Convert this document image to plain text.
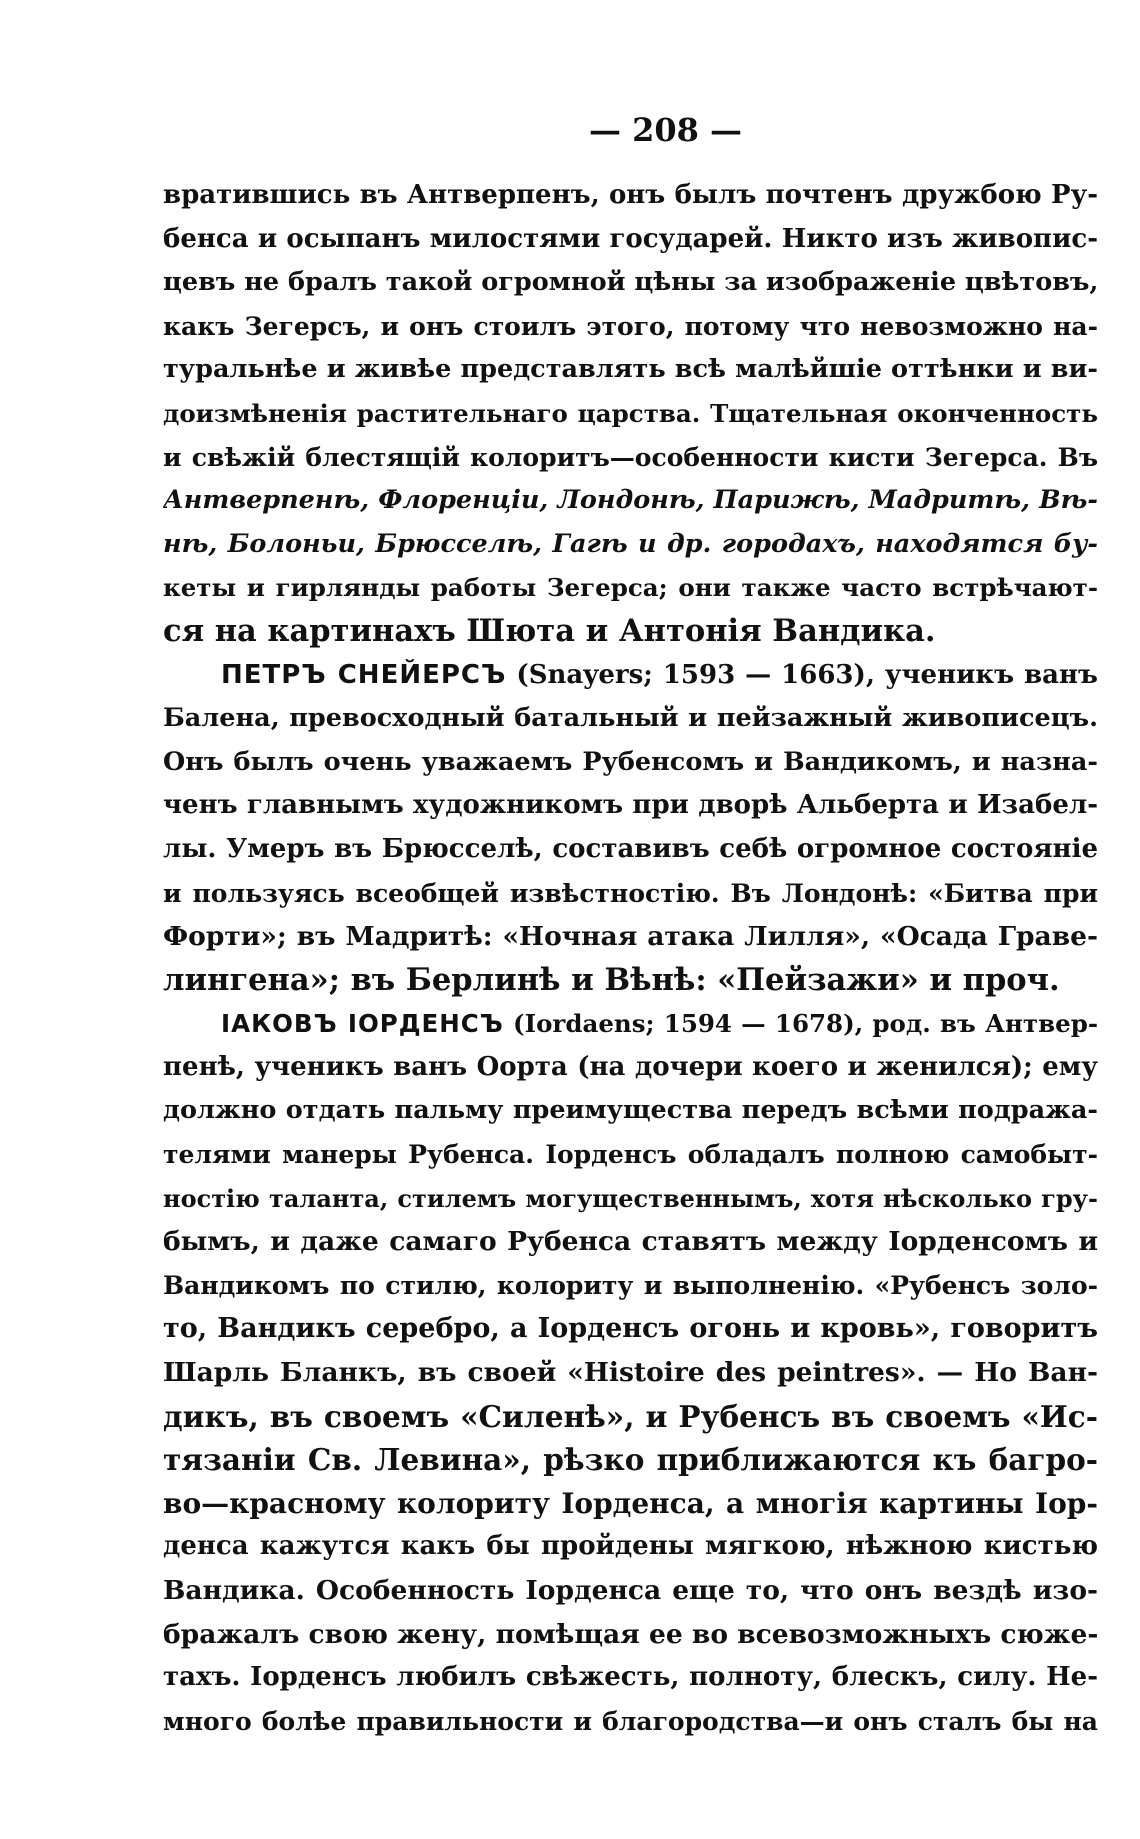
— 208 —
вратившись въ Антверпенъ, онъ былъ почтенъ дружбою Ру-
бенса и осыпанъ милостями государей. Никто изъ живопис-
цевъ не бралъ такой огромной цѣны за изображеніе цвѣтовъ,
какъ Зегерсъ, и онъ стоилъ этого, потому что невозможно на-
туральнѣе и живѣе представлять всѣ малѣйшіе оттѣнки и ви-
доизмѣненія растительнаго царства. Тщательная оконченность
и свѣжій блестящій колоритъ—особенности кисти Зегерса. Въ
Антверпенѣ, Флоренціи, Лондонѣ, Парижѣ, Мадритѣ, Вѣ-
нѣ, Болоньи, Брюсселѣ, Гагѣ и др. городахъ, находятся бу-
кеты и гирлянды работы Зегерса; они также часто встрѣчают-
ся на картинахъ Шюта и Антонія Вандика.
ПЕТРЪ СНЕЙЕРСЪ (Snayers; 1593 — 1663), ученикъ ванъ
Балена, превосходный батальный и пейзажный живописецъ.
Онъ былъ очень уважаемъ Рубенсомъ и Вандикомъ, и назна-
ченъ главнымъ художникомъ при дворѣ Альберта и Изабел-
лы. Умеръ въ Брюсселѣ, составивъ себѣ огромное состояніе
и пользуясь всеобщей извѣстностію. Въ Лондонѣ: «Битва при
Форти»; въ Мадритѣ: «Ночная атака Лилля», «Осада Граве-
лингена»; въ Берлинѣ и Вѣнѣ: «Пейзажи» и проч.
ІАКОВЪ ІОРДЕНСЪ (Iordaens; 1594 — 1678), род. въ Антвер-
пенѣ, ученикъ ванъ Оорта (на дочери коего и женился); ему
должно отдать пальму преимущества передъ всѣми подража-
телями манеры Рубенса. Іорденсъ обладалъ полною самобыт-
ностію таланта, стилемъ могущественнымъ, хотя нѣсколько гру-
бымъ, и даже самаго Рубенса ставятъ между Іорденсомъ и
Вандикомъ по стилю, колориту и выполненію. «Рубенсъ золо-
то, Вандикъ серебро, а Іорденсъ огонь и кровь», говоритъ
Шарль Бланкъ, въ своей «Histoire des peintres». — Но Ван-
дикъ, въ своемъ «Силенѣ», и Рубенсъ въ своемъ «Ис-
тязаніи Св. Левина», рѣзко приближаются къ багро-
во—красному колориту Іорденса, а многія картины Іор-
денса кажутся какъ бы пройдены мягкою, нѣжною кистью
Вандика. Особенность Іорденса еще то, что онъ вездѣ изо-
бражалъ свою жену, помѣщая ее во всевозможныхъ сюже-
тахъ. Іорденсъ любилъ свѣжесть, полноту, блескъ, силу. Не-
много болѣе правильности и благородства—и онъ сталъ бы на
